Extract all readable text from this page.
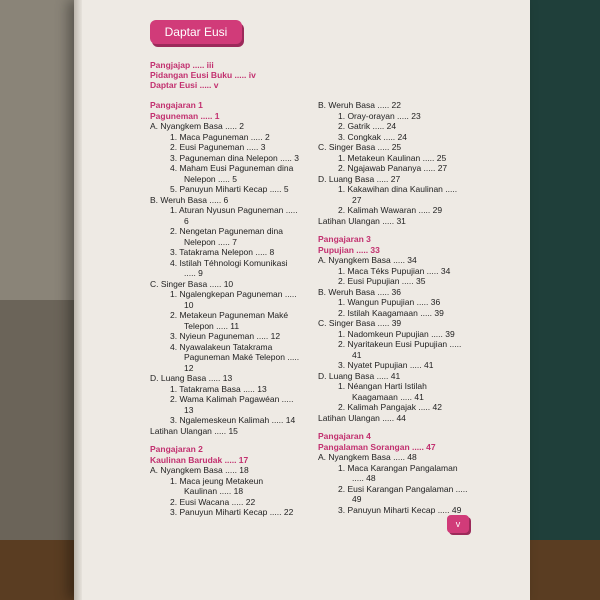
Daptar Eusi
Pangjajap ..... iii
Pidangan Eusi Buku ..... iv
Daptar Eusi ..... v
Pangajaran 1
Paguneman ..... 1
A. Nyangkem Basa ..... 2
1. Maca Paguneman ..... 2
2. Eusi Paguneman ..... 3
3. Paguneman dina Nelepon ..... 3
4. Maham Eusi Paguneman dina
Nelepon ..... 5
5. Panuyun Miharti Kecap ..... 5
B. Weruh Basa ..... 6
1. Aturan Nyusun Paguneman .....
6
2. Nengetan Paguneman dina
Nelepon ..... 7
3. Tatakrama Nelepon ..... 8
4. Istilah Téhnologi Komunikasi
..... 9
C. Singer Basa ..... 10
1. Ngalengkepan Paguneman .....
10
2. Metakeun Paguneman Maké
Telepon ..... 11
3. Nyieun Paguneman ..... 12
4. Nyawalakeun Tatakrama
Paguneman Maké Telepon .....
12
D. Luang Basa ..... 13
1. Tatakrama Basa ..... 13
2. Wama Kalimah Pagawéan .....
13
3. Ngalemeskeun Kalimah ..... 14
Latihan Ulangan ..... 15
Pangajaran 2
Kaulinan Barudak ..... 17
A. Nyangkem Basa ..... 18
1. Maca jeung Metakeun
Kaulinan ..... 18
2. Eusi Wacana ..... 22
3. Panuyun Miharti Kecap ..... 22
B. Weruh Basa ..... 22
1. Oray-orayan ..... 23
2. Gatrik ..... 24
3. Congkak ..... 24
C. Singer Basa ..... 25
1. Metakeun Kaulinan ..... 25
2. Ngajawab Pananya ..... 27
D. Luang Basa ..... 27
1. Kakawihan dina Kaulinan .....
27
2. Kalimah Wawaran ..... 29
Latihan Ulangan ..... 31
Pangajaran 3
Pupujian ..... 33
A. Nyangkem Basa ..... 34
1. Maca Téks Pupujian ..... 34
2. Eusi Pupujian ..... 35
B. Weruh Basa ..... 36
1. Wangun Pupujian ..... 36
2. Istilah Kaagamaan ..... 39
C. Singer Basa ..... 39
1. Nadomkeun Pupujian ..... 39
2. Nyaritakeun Eusi Pupujian .....
41
3. Nyatet Pupujian ..... 41
D. Luang Basa ..... 41
1. Néangan Harti Istilah
Kaagamaan ..... 41
2. Kalimah Pangajak ..... 42
Latihan Ulangan ..... 44
Pangajaran 4
Pangalaman Sorangan ..... 47
A. Nyangkem Basa ..... 48
1. Maca Karangan Pangalaman
..... 48
2. Eusi Karangan Pangalaman .....
49
3. Panuyun Miharti Kecap ..... 49
v
